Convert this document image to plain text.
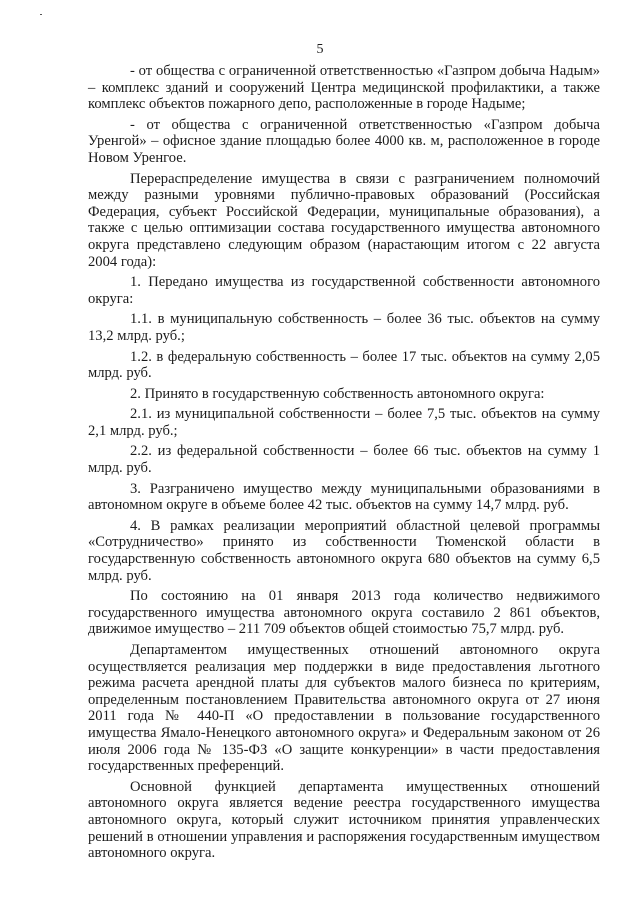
5

- от общества с ограниченной ответственностью «Газпром добыча Надым» – комплекс зданий и сооружений Центра медицинской профилактики, а также комплекс объектов пожарного депо, расположенные в городе Надыме;

- от общества с ограниченной ответственностью «Газпром добыча Уренгой» – офисное здание площадью более 4000 кв. м, расположенное в городе Новом Уренгое.

Перераспределение имущества в связи с разграничением полномочий между разными уровнями публично-правовых образований (Российская Федерация, субъект Российской Федерации, муниципальные образования), а также с целью оптимизации состава государственного имущества автономного округа представлено следующим образом (нарастающим итогом с 22 августа 2004 года):

1. Передано имущества из государственной собственности автономного округа:

1.1. в муниципальную собственность – более 36 тыс. объектов на сумму 13,2 млрд. руб.;

1.2. в федеральную собственность – более 17 тыс. объектов на сумму 2,05 млрд. руб.

2. Принято в государственную собственность автономного округа:

2.1. из муниципальной собственности – более 7,5 тыс. объектов на сумму 2,1 млрд. руб.;

2.2. из федеральной собственности – более 66 тыс. объектов на сумму 1 млрд. руб.

3. Разграничено имущество между муниципальными образованиями в автономном округе в объеме более 42 тыс. объектов на сумму 14,7 млрд. руб.

4. В рамках реализации мероприятий областной целевой программы «Сотрудничество» принято из собственности Тюменской области в государственную собственность автономного округа 680 объектов на сумму 6,5 млрд. руб.

По состоянию на 01 января 2013 года количество недвижимого государственного имущества автономного округа составило 2 861 объектов, движимое имущество – 211 709 объектов общей стоимостью 75,7 млрд. руб.

Департаментом имущественных отношений автономного округа осуществляется реализация мер поддержки в виде предоставления льготного режима расчета арендной платы для субъектов малого бизнеса по критериям, определенным постановлением Правительства автономного округа от 27 июня 2011 года № 440-П «О предоставлении в пользование государственного имущества Ямало-Ненецкого автономного округа» и Федеральным законом от 26 июля 2006 года № 135-ФЗ «О защите конкуренции» в части предоставления государственных преференций.

Основной функцией департамента имущественных отношений автономного округа является ведение реестра государственного имущества автономного округа, который служит источником принятия управленческих решений в отношении управления и распоряжения государственным имуществом автономного округа.
